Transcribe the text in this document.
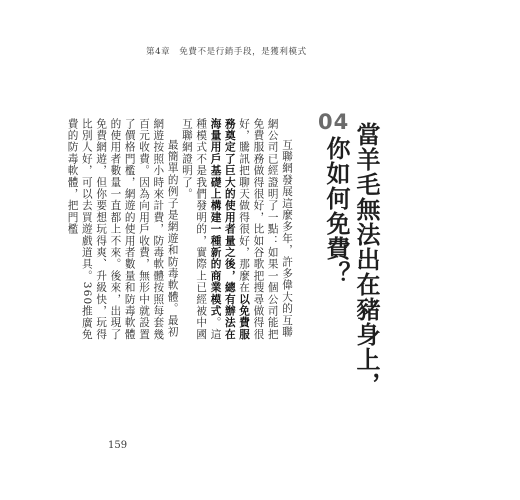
第4章　免費不是行銷手段，是獲利模式
04 當羊毛無法出在豬身上，
你如何免費？

互聯網發展這麼多年，許多偉大的互聯網公司已經證明了一點：如果一個公司能把免費服務做得很好，比如谷歌把搜尋做得很好，騰訊把聊天做得很好，那麼在以免費服務奠定了巨大的使用者量之後，總有辦法在海量用戶基礎上構建一種新的商業模式。這種模式不是我們發明的，實際上已經被中國互聯網證明了。

最簡單的例子是網遊和防毒軟體。最初網遊按照小時來計費，防毒軟體按照每套幾百元收費。因為向用戶收費，無形中就設置了價格門檻，網遊的使用者數量和防毒軟體的使用者數量一直都上不來。後來，出現了免費網遊，但你要想玩得爽、升級快，玩得比別人好，可以去買遊戲道具。360推廣免費的防毒軟體，把門檻

159
